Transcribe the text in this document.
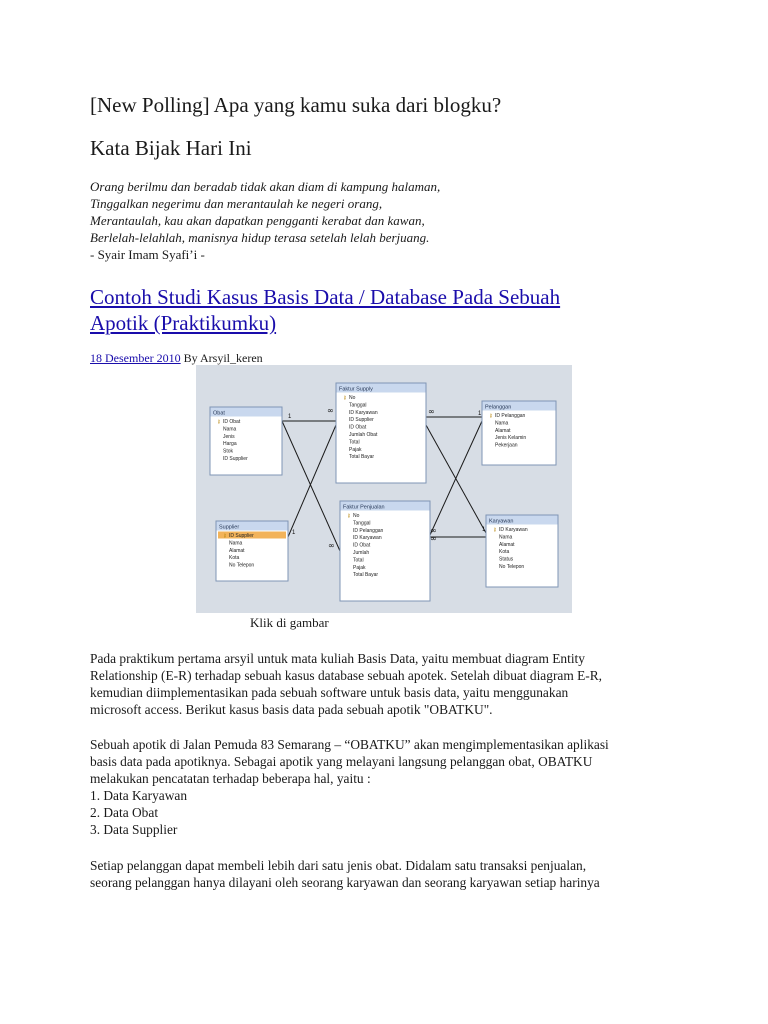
[New Polling] Apa yang kamu suka dari blogku?
Kata Bijak Hari Ini
Orang berilmu dan beradab tidak akan diam di kampung halaman,
Tinggalkan negerimu dan merantaulah ke negeri orang,
Merantaulah, kau akan dapatkan pengganti kerabat dan kawan,
Berlelah-lelahlah, manisnya hidup terasa setelah lelah berjuang.
- Syair Imam Syafi’i -
Contoh Studi Kasus Basis Data / Database Pada Sebuah
Apotik (Praktikumku)
18 Desember 2010 By Arsyil_keren
Pada praktikum pertama arsyil untuk mata kuliah Basis Data, yaitu membuat diagram Entity
Relationship (E-R) terhadap sebuah kasus database sebuah apotek. Setelah dibuat diagram E-R,
kemudian diimplementasikan pada sebuah software untuk basis data, yaitu menggunakan
microsoft access. Berikut kasus basis data pada sebuah apotik "OBATKU".
Sebuah apotik di Jalan Pemuda 83 Semarang – “OBATKU” akan mengimplementasikan aplikasi
basis data pada apotiknya. Sebagai apotik yang melayani langsung pelanggan obat, OBATKU
melakukan pencatatan terhadap beberapa hal, yaitu :
1. Data Karyawan
2. Data Obat
3. Data Supplier
Setiap pelanggan dapat membeli lebih dari satu jenis obat. Didalam satu transaksi penjualan,
seorang pelanggan hanya dilayani oleh seorang karyawan dan seorang karyawan setiap harinya
1	1
1	1
∞	∞
∞
∞
∞
Obat
⚷ ID Obat
Nama
Jenis
Harga
Stok
ID Supplier
Faktur Supply
⚷ No
Tanggal
ID Karyawan
ID Supplier
ID Obat
Jumlah Obat
Total
Pajak
Total Bayar
Pelanggan
⚷ ID Pelanggan
Nama
Alamat
Jenis Kelamin
Pekerjaan
Supplier
⚷ ID Supplier
Nama
Alamat
Kota
No Telepon
Faktur Penjualan
⚷ No
Tanggal
ID Pelanggan
ID Karyawan
ID Obat
Jumlah
Total
Pajak
Total Bayar
Karyawan
⚷ ID Karyawan
Nama
Alamat
Kota
Status
No Telepon
Klik di gambar
